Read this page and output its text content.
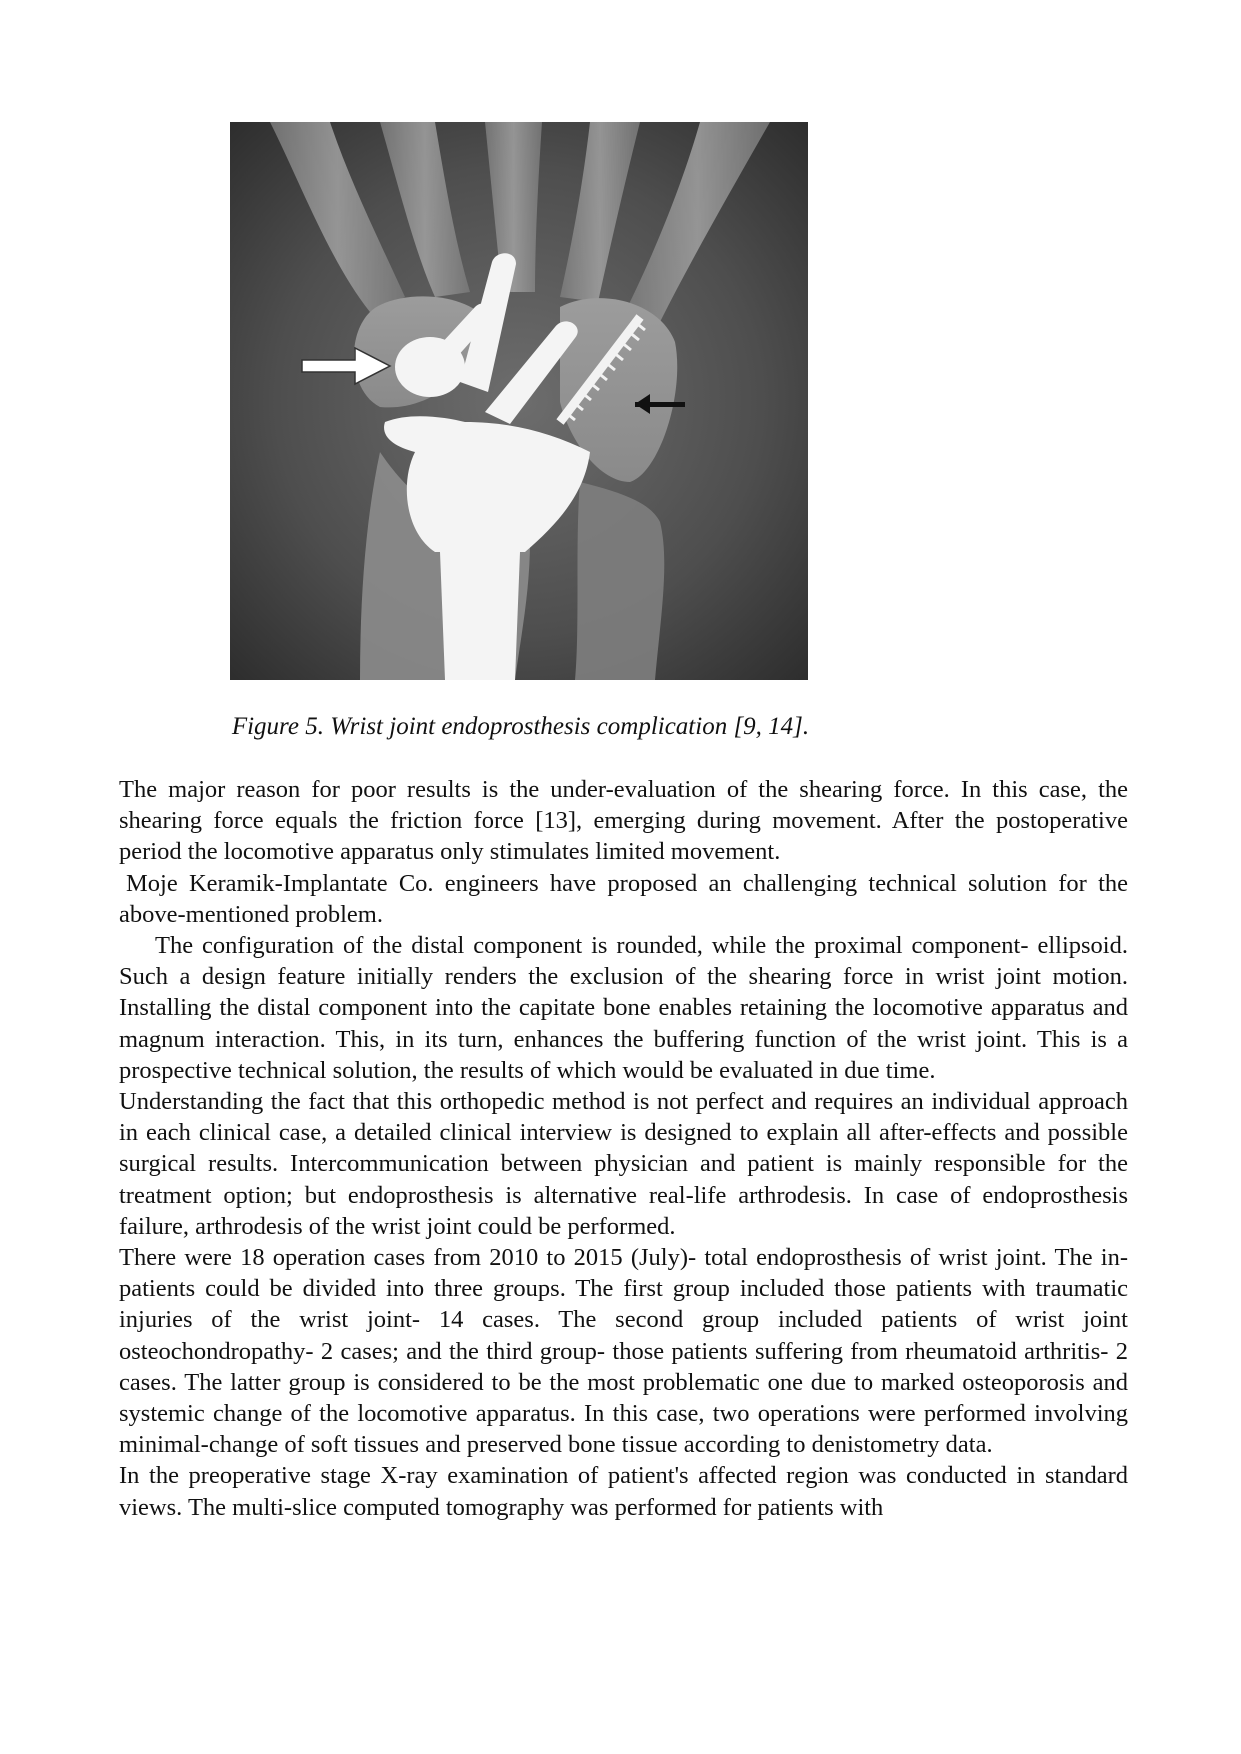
Figure 5. Wrist joint endoprosthesis complication [9, 14].

The major reason for poor results is the under-evaluation of the shearing force. In this case, the shearing force equals the friction force [13], emerging during movement. After the postoperative period the locomotive apparatus only stimulates limited movement.

Moje Keramik-Implantate Co. engineers have proposed an challenging technical solution for the above-mentioned problem.

The configuration of the distal component is rounded, while the proximal component- ellipsoid. Such a design feature initially renders the exclusion of the shearing force in wrist joint motion. Installing the distal component into the capitate bone enables retaining the locomotive apparatus and magnum interaction. This, in its turn, enhances the buffering function of the wrist joint. This is a prospective technical solution, the results of which would be evaluated in due time.

Understanding the fact that this orthopedic method is not perfect and requires an individual approach in each clinical case, a detailed clinical interview is designed to explain all after-effects and possible surgical results. Intercommunication between physician and patient is mainly responsible for the treatment option; but endoprosthesis is alternative real-life arthrodesis. In case of endoprosthesis failure, arthrodesis of the wrist joint could be performed.

There were 18 operation cases from 2010 to 2015 (July)- total endoprosthesis of wrist joint. The in-patients could be divided into three groups. The first group included those patients with traumatic injuries of the wrist joint- 14 cases. The second group included patients of wrist joint osteochondropathy- 2 cases; and the third group- those patients suffering from rheumatoid arthritis- 2 cases. The latter group is considered to be the most problematic one due to marked osteoporosis and systemic change of the locomotive apparatus. In this case, two operations were performed involving minimal-change of soft tissues and preserved bone tissue according to denistometry data.

In the preoperative stage X-ray examination of patient's affected region was conducted in standard views. The multi-slice computed tomography was performed for patients with
